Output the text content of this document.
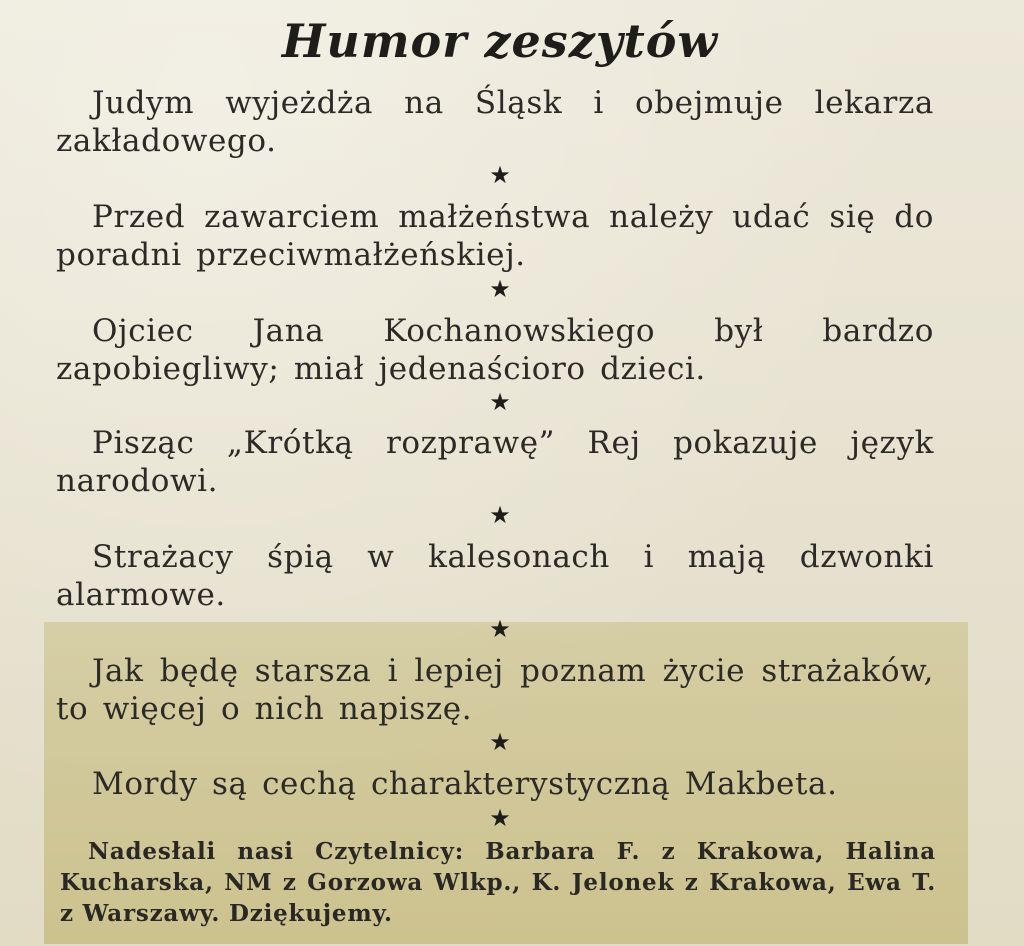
Humor zeszytów
Judym wyjeżdża na Śląsk i obejmuje lekarza zakładowego.
★
Przed zawarciem małżeństwa należy udać się do poradni przeciwmałżeńskiej.
★
Ojciec Jana Kochanowskiego był bardzo zapobiegliwy; miał jedenaścioro dzieci.
★
Pisząc „Krótką rozprawę” Rej pokazuje język narodowi.
★
Strażacy śpią w kalesonach i mają dzwonki alarmowe.
★
Jak będę starsza i lepiej poznam życie strażaków, to więcej o nich napiszę.
★
Mordy są cechą charakterystyczną Makbeta.
★
Nadesłali nasi Czytelnicy: Barbara F. z Krakowa, Halina Kucharska, NM z Gorzowa Wlkp., K. Jelonek z Krakowa, Ewa T. z Warszawy. Dziękujemy.
